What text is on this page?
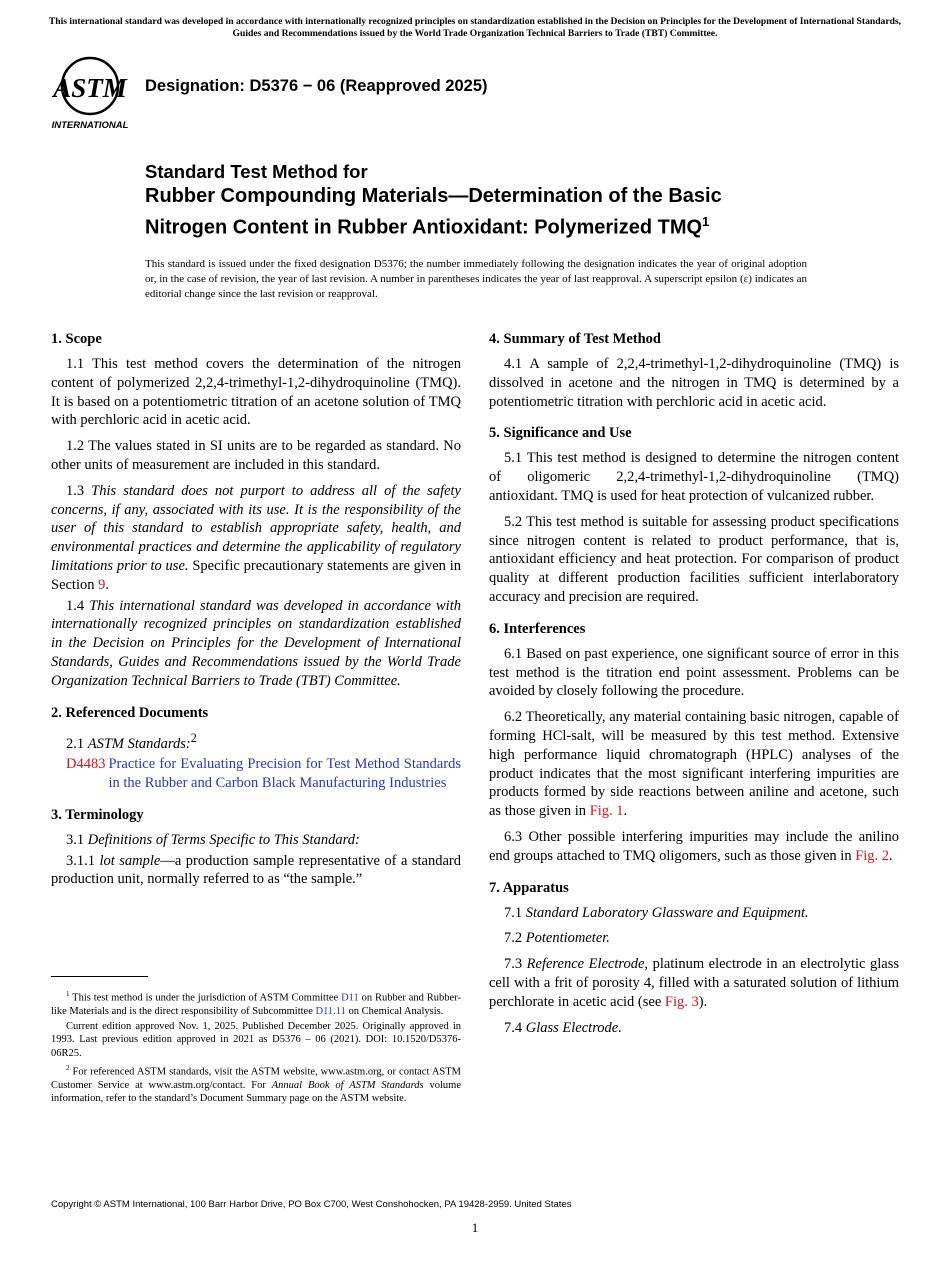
This international standard was developed in accordance with internationally recognized principles on standardization established in the Decision on Principles for the Development of International Standards, Guides and Recommendations issued by the World Trade Organization Technical Barriers to Trade (TBT) Committee.
ASTM
INTERNATIONAL
Designation: D5376 − 06 (Reapproved 2025)
Standard Test Method for
Rubber Compounding Materials—Determination of the Basic
Nitrogen Content in Rubber Antioxidant: Polymerized TMQ$^1$
This standard is issued under the fixed designation D5376; the number immediately following the designation indicates the year of original adoption or, in the case of revision, the year of last revision. A number in parentheses indicates the year of last reapproval. A superscript epsilon (ε) indicates an editorial change since the last revision or reapproval.
1. Scope

1.1 This test method covers the determination of the nitrogen content of polymerized 2,2,4-trimethyl-1,2-dihydroquinoline (TMQ). It is based on a potentiometric titration of an acetone solution of TMQ with perchloric acid in acetic acid.

1.2 The values stated in SI units are to be regarded as standard. No other units of measurement are included in this standard.

1.3 This standard does not purport to address all of the safety concerns, if any, associated with its use. It is the responsibility of the user of this standard to establish appropriate safety, health, and environmental practices and determine the applicability of regulatory limitations prior to use. Specific precautionary statements are given in Section 9.

1.4 This international standard was developed in accordance with internationally recognized principles on standardization established in the Decision on Principles for the Development of International Standards, Guides and Recommendations issued by the World Trade Organization Technical Barriers to Trade (TBT) Committee.

2. Referenced Documents

2.1 ASTM Standards:$^2$

D4483 Practice for Evaluating Precision for Test Method Standards in the Rubber and Carbon Black Manufacturing Industries
3. Terminology

3.1 Definitions of Terms Specific to This Standard:

3.1.1 lot sample—a production sample representative of a standard production unit, normally referred to as “the sample.”

4. Summary of Test Method

4.1 A sample of 2,2,4-trimethyl-1,2-dihydroquinoline (TMQ) is dissolved in acetone and the nitrogen in TMQ is determined by a potentiometric titration with perchloric acid in acetic acid.

5. Significance and Use

5.1 This test method is designed to determine the nitrogen content of oligomeric 2,2,4-trimethyl-1,2-dihydroquinoline (TMQ) antioxidant. TMQ is used for heat protection of vulcanized rubber.

5.2 This test method is suitable for assessing product specifications since nitrogen content is related to product performance, that is, antioxidant efficiency and heat protection. For comparison of product quality at different production facilities sufficient interlaboratory accuracy and precision are required.

6. Interferences

6.1 Based on past experience, one significant source of error in this test method is the titration end point assessment. Problems can be avoided by closely following the procedure.

6.2 Theoretically, any material containing basic nitrogen, capable of forming HCl-salt, will be measured by this test method. Extensive high performance liquid chromatograph (HPLC) analyses of the product indicates that the most significant interfering impurities are products formed by side reactions between aniline and acetone, such as those given in Fig. 1.

6.3 Other possible interfering impurities may include the anilino end groups attached to TMQ oligomers, such as those given in Fig. 2.

7. Apparatus

7.1 Standard Laboratory Glassware and Equipment.

7.2 Potentiometer.

7.3 Reference Electrode, platinum electrode in an electrolytic glass cell with a frit of porosity 4, filled with a saturated solution of lithium perchlorate in acetic acid (see Fig. 3).

7.4 Glass Electrode.

$^1$ This test method is under the jurisdiction of ASTM Committee D11 on Rubber and Rubber-like Materials and is the direct responsibility of Subcommittee D11.11 on Chemical Analysis.

Current edition approved Nov. 1, 2025. Published December 2025. Originally approved in 1993. Last previous edition approved in 2021 as D5376 – 06 (2021). DOI: 10.1520/D5376-06R25.

$^2$ For referenced ASTM standards, visit the ASTM website, www.astm.org, or contact ASTM Customer Service at www.astm.org/contact. For Annual Book of ASTM Standards volume information, refer to the standard’s Document Summary page on the ASTM website.

Copyright © ASTM International, 100 Barr Harbor Drive, PO Box C700, West Conshohocken, PA 19428-2959. United States
1
